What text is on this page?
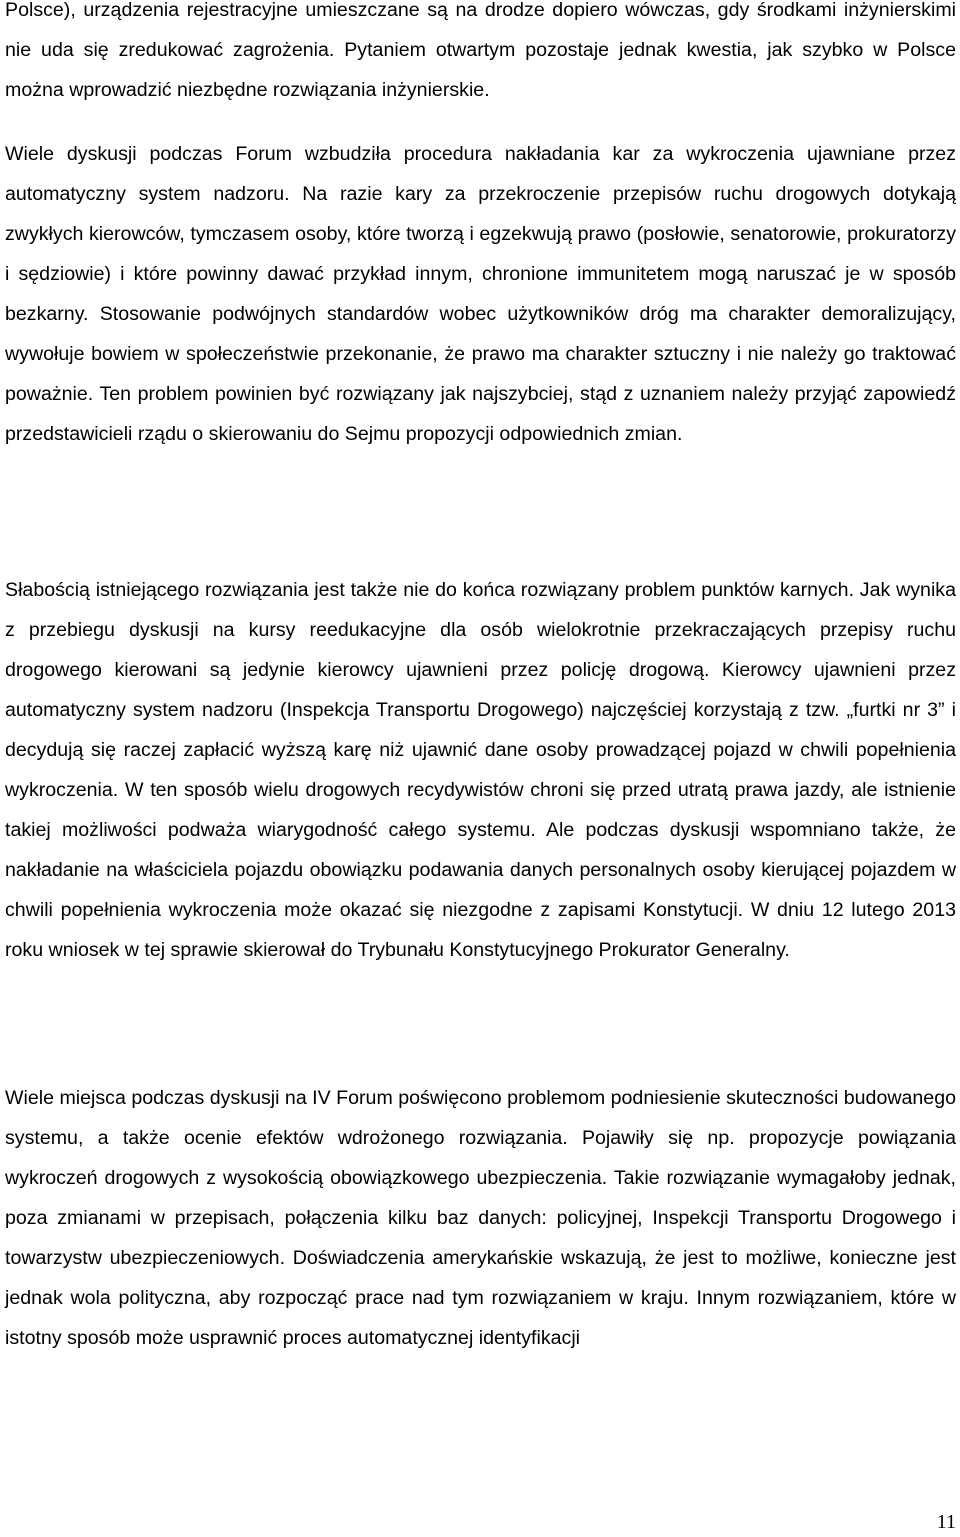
Polsce), urządzenia rejestracyjne umieszczane są na drodze dopiero wówczas, gdy środkami inżynierskimi nie uda się zredukować zagrożenia. Pytaniem otwartym pozostaje jednak kwestia, jak szybko w Polsce można wprowadzić niezbędne rozwiązania inżynierskie.

Wiele dyskusji podczas Forum wzbudziła procedura nakładania kar za wykroczenia ujawniane przez automatyczny system nadzoru. Na razie kary za przekroczenie przepisów ruchu drogowych dotykają zwykłych kierowców, tymczasem osoby, które tworzą i egzekwują prawo (posłowie, senatorowie, prokuratorzy i sędziowie) i które powinny dawać przykład innym, chronione immunitetem mogą naruszać je w sposób bezkarny. Stosowanie podwójnych standardów wobec użytkowników dróg ma charakter demoralizujący, wywołuje bowiem w społeczeństwie przekonanie, że prawo ma charakter sztuczny i nie należy go traktować poważnie. Ten problem powinien być rozwiązany jak najszybciej, stąd z uznaniem należy przyjąć zapowiedź przedstawicieli rządu o skierowaniu do Sejmu propozycji odpowiednich zmian.

Słabością istniejącego rozwiązania jest także nie do końca rozwiązany problem punktów karnych. Jak wynika z przebiegu dyskusji na kursy reedukacyjne dla osób wielokrotnie przekraczających przepisy ruchu drogowego kierowani są jedynie kierowcy ujawnieni przez policję drogową. Kierowcy ujawnieni przez automatyczny system nadzoru (Inspekcja Transportu Drogowego) najczęściej korzystają z tzw. „furtki nr 3” i decydują się raczej zapłacić wyższą karę niż ujawnić dane osoby prowadzącej pojazd w chwili popełnienia wykroczenia. W ten sposób wielu drogowych recydywistów chroni się przed utratą prawa jazdy, ale istnienie takiej możliwości podważa wiarygodność całego systemu. Ale podczas dyskusji wspomniano także, że nakładanie na właściciela pojazdu obowiązku podawania danych personalnych osoby kierującej pojazdem w chwili popełnienia wykroczenia może okazać się niezgodne z zapisami Konstytucji. W dniu 12 lutego 2013 roku wniosek w tej sprawie skierował do Trybunału Konstytucyjnego Prokurator Generalny.

Wiele miejsca podczas dyskusji na IV Forum poświęcono problemom podniesienie skuteczności budowanego systemu, a także ocenie efektów wdrożonego rozwiązania. Pojawiły się np. propozycje powiązania wykroczeń drogowych z wysokością obowiązkowego ubezpieczenia. Takie rozwiązanie wymagałoby jednak, poza zmianami w przepisach, połączenia kilku baz danych: policyjnej, Inspekcji Transportu Drogowego i towarzystw ubezpieczeniowych. Doświadczenia amerykańskie wskazują, że jest to możliwe, konieczne jest jednak wola polityczna, aby rozpocząć prace nad tym rozwiązaniem w kraju. Innym rozwiązaniem, które w istotny sposób może usprawnić proces automatycznej identyfikacji

11
